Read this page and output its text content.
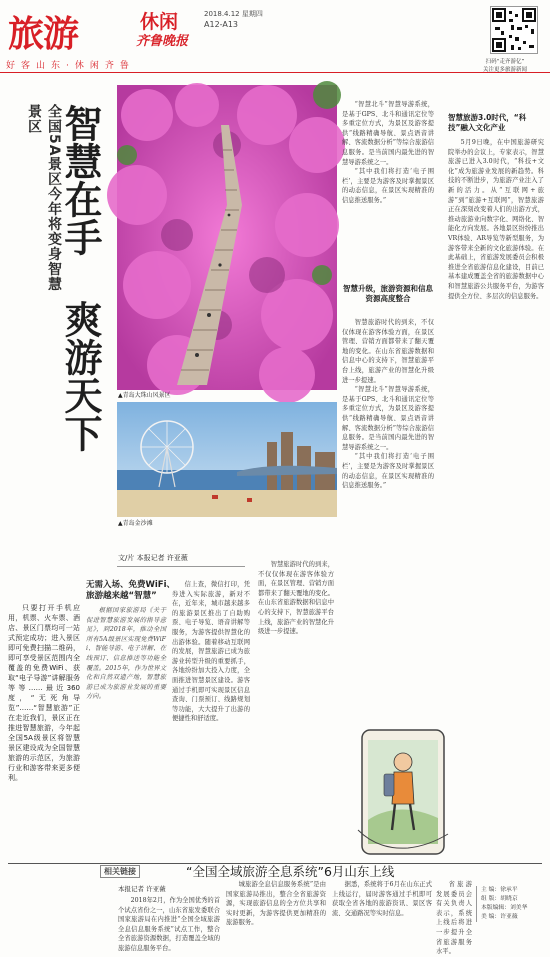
旅游	休闲
齐鲁晚报
2018.4.12 星期四
A12-A13
好客山东·休闲齐鲁	扫码“走齐游亿”
关注更多旅游新闻
全国5A景区今年将变身智慧景区 智慧在手
爽游天下	▲青岛大珠山风景区
▲青岛金沙滩
文/片 本报记者 许亚薇
无需入场、免费WiFi、
旅游越来越“智慧”

只要打开手机应用，机票、火车票、酒店、景区门票均可一站式预定成功；进入景区即可免费扫描二维码，即可享受景区范围内全覆盖的免费WiFi、获取“电子导游”讲解服务等等……最近360度，“无死角导览”……“智慧旅游”正在走近我们，景区正在推进智慧旅游，今年起全国5A级景区将智慧景区建设成为全国智慧旅游的示范区，为旅游行业和游客带来更多便利。

根据国家旅游局《关于促进智慧旅游发展的指导意见》，到2018年，推动全国所有5A级景区实现免费WiFi、智能导游、电子讲解、在线预订、信息推送等功能全覆盖。2015年，作为世界文化和自然双遗产地，智慧旅游已成为旅游业发展的重要方向。

信上查，微信打印，凭券进入实际旅游，新对不在，近年来，城市越来越多的旅游景区推出了自助购票、电子导览、语音讲解等服务，为游客提供智慧化的出游体验。随着移动互联网的发展，智慧旅游已成为旅游业转型升级的重要抓手，各地纷纷加大投入力度，全面推进智慧景区建设。游客通过手机即可实现景区信息查询、门票预订、线路规划等功能，大大提升了出游的便捷性和舒适度。

智慧旅游时代的到来，不仅仅体现在游客体验方面，在景区管理、营销方面都带来了翻天覆地的变化。在山东省旅游数据和信息中心的支持下，智慧旅游平台上线，旅游产业的智慧化升级进一步提速。

“智慧北斗”智慧导游系统，是基于GPS、北斗和通讯定位等多重定位方式，为景区及游客提供“线路精确导航、景点语音讲解、客流数据分析”等综合旅游信息服务。是当前国内最先进的智慧导游系统之一。

“其中我们将打造‘电子围栏’，主要是为游客及时掌握景区的动态信息，在景区实现精准的信息推送服务。”

智慧升级，旅游资源和信息资源高度整合

智慧旅游时代的到来，不仅仅体现在游客体验方面，在景区管理、营销方面都带来了翻天覆地的变化。在山东省旅游数据和信息中心的支持下，智慧旅游平台上线，旅游产业的智慧化升级进一步提速。

“智慧北斗”智慧导游系统，是基于GPS、北斗和通讯定位等多重定位方式，为景区及游客提供“线路精确导航、景点语音讲解、客流数据分析”等综合旅游信息服务。是当前国内最先进的智慧导游系统之一。

“其中我们将打造‘电子围栏’，主要是为游客及时掌握景区的动态信息，在景区实现精准的信息推送服务。”

智慧旅游3.0时代，“科技”融入文化产业

5月9日晚，在中国旅游研究院举办的会议上，专家表示，智慧旅游已进入3.0时代，“科技+文化”成为旅游业发展的新趋势。科技的不断进步，为旅游产业注入了新的活力。从“互联网+旅游”到“旅游+互联网”，智慧旅游正在深刻改变着人们的出游方式，推动旅游业向数字化、网络化、智能化方向发展。各地景区纷纷推出VR体验、AR导览等新型服务，为游客带来全新的文化旅游体验。在此基础上，省旅游发展委员会积极推进全省旅游信息化建设，目前已基本建成覆盖全省的旅游数据中心和智慧旅游公共服务平台，为游客提供全方位、多层次的信息服务。

相关链接	“全国全域旅游全息系统”6月山东上线
本报记者 许亚薇

2018年2月，作为全国优秀的首个试点省份之一，山东省旅发委联合国家旅游局在内推进“全国全域旅游全息信息服务系统”试点工作，整合全省旅游资源数据，打造覆盖全域的旅游信息服务平台。

城旅游全息信息服务系统”是由国家旅游局推出，整合全省旅游资源，实现旅游信息的全方位共享和实时更新，为游客提供更加精准的旅游服务。

据悉，系统将于6月在山东正式上线运行，届时游客通过手机即可获取全省各地的旅游资讯、景区客流、交通路况等实时信息。

省旅游发展委员会有关负责人表示，系统上线后将进一步提升全省旅游服务水平。

主 编：徐承平
组 版：胡晓京
本版编辑：刘美华
美 编：许亚薇
